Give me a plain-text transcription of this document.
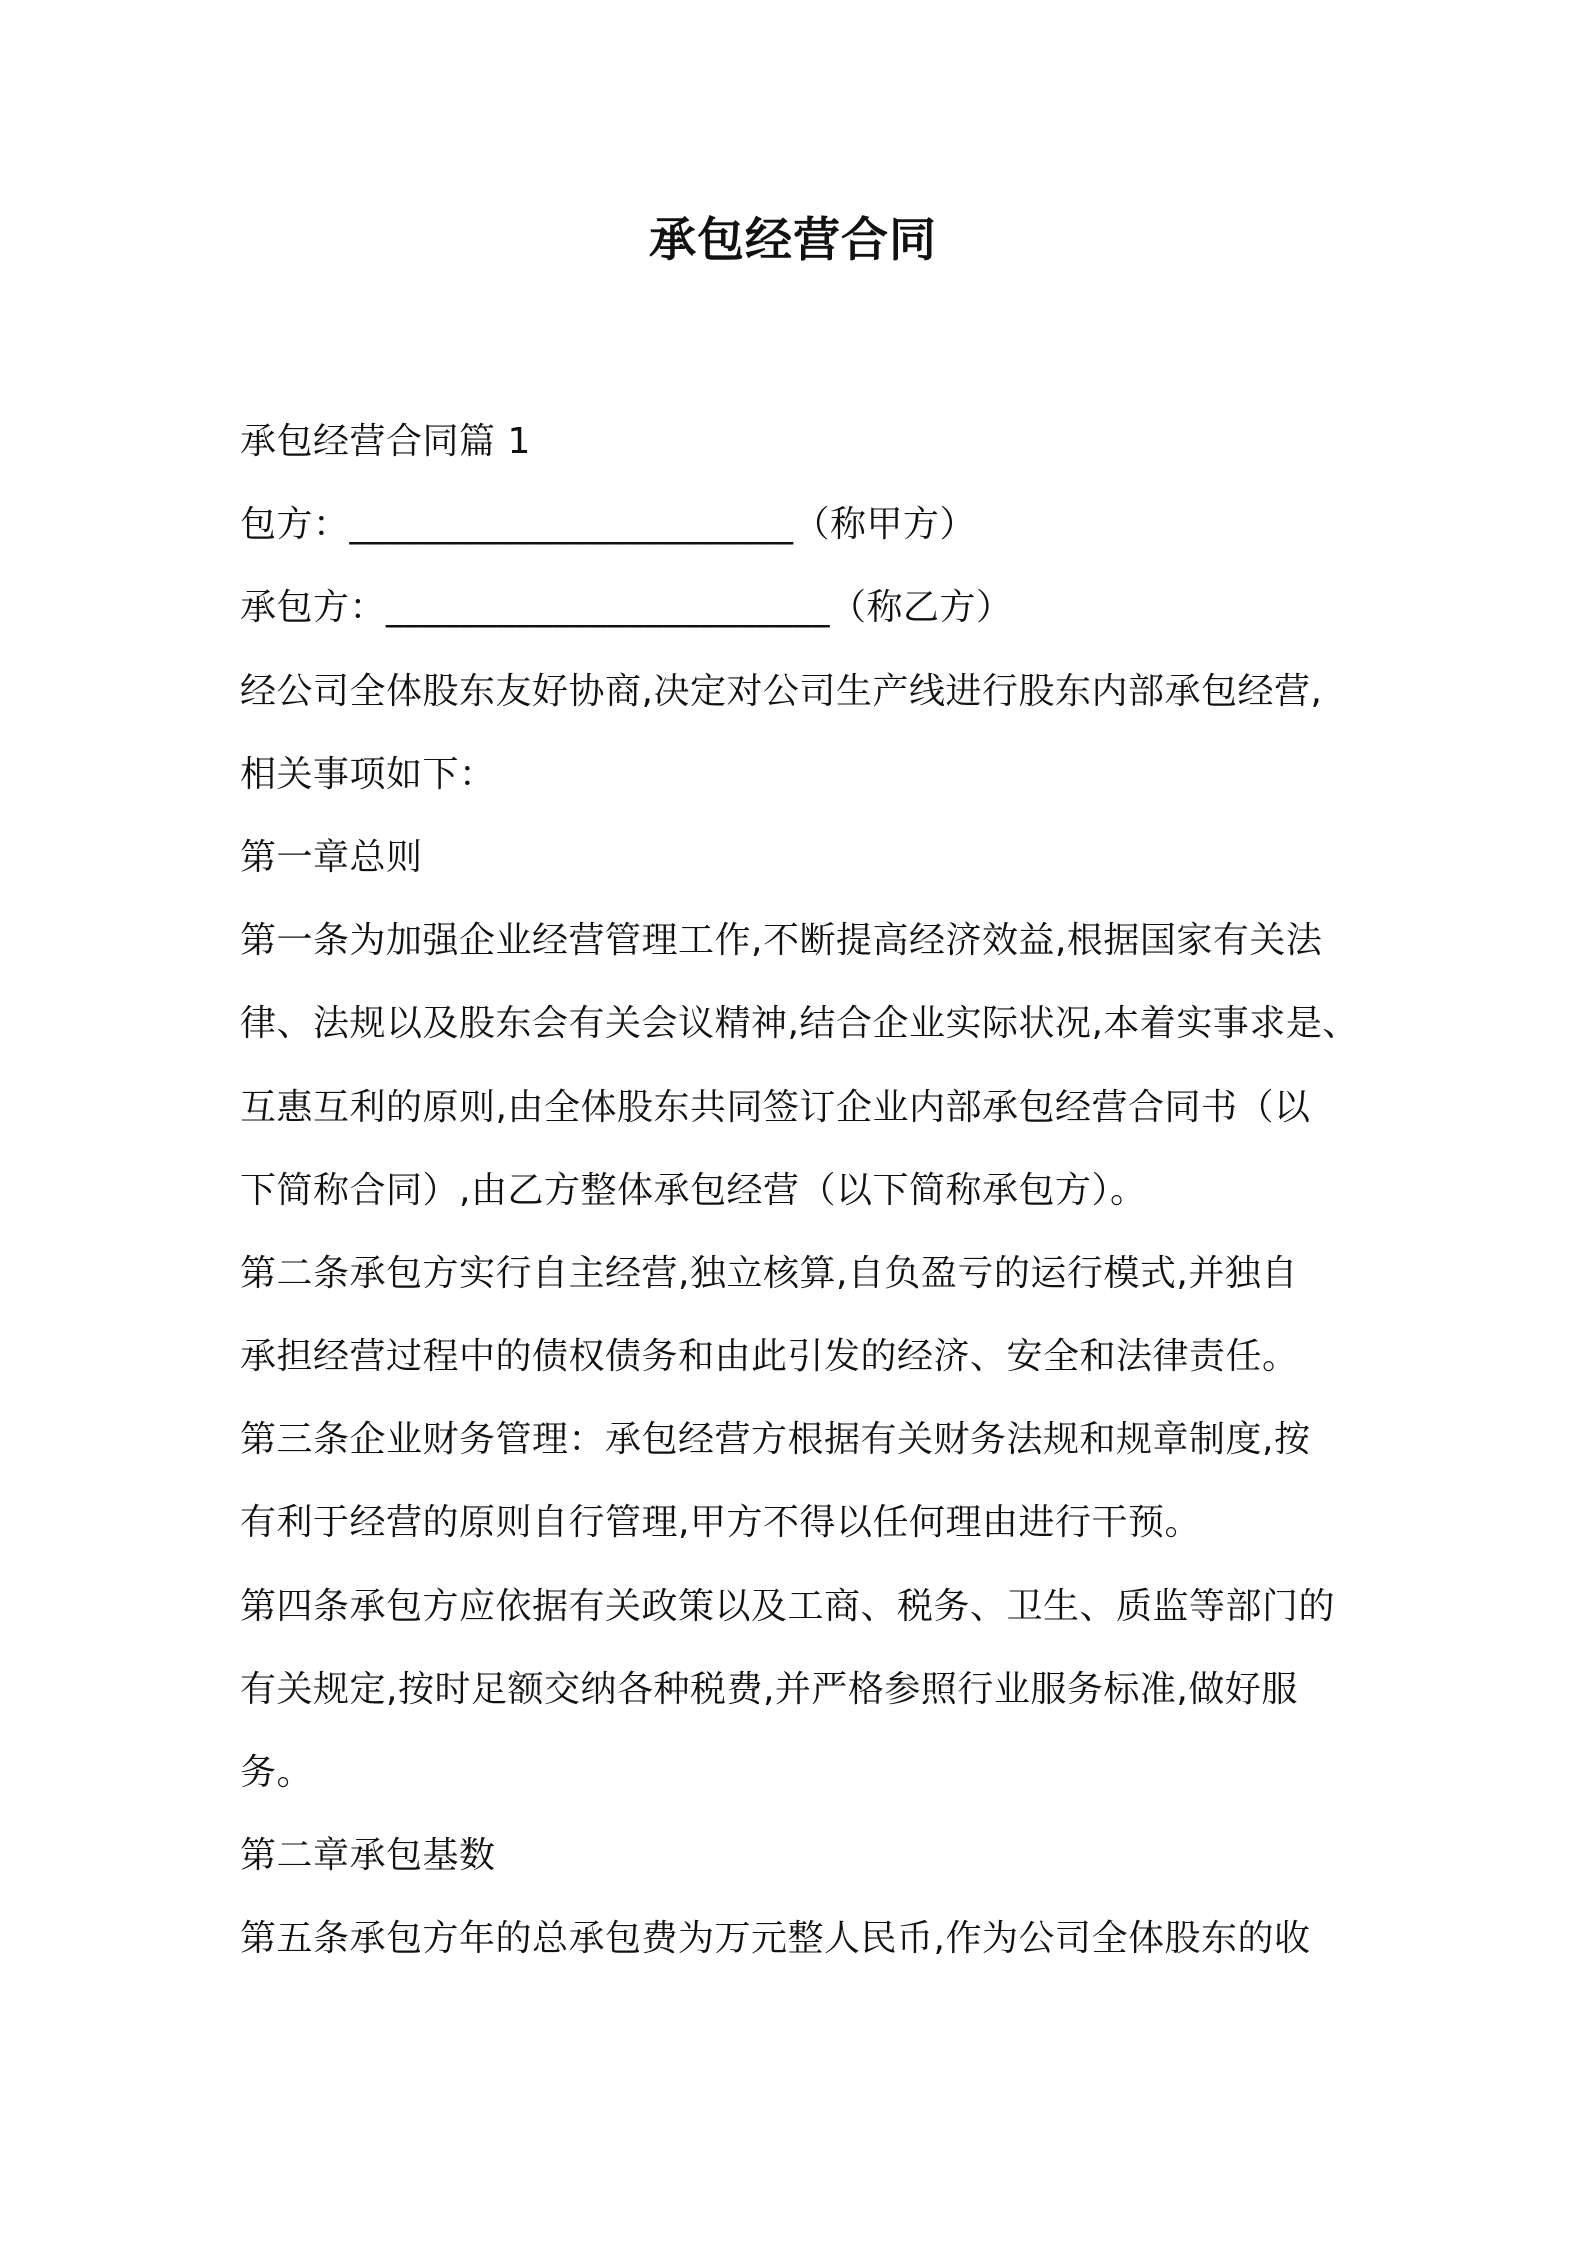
承包经营合同
承包经营合同篇 1
包方：________________________（称甲方）
承包方：________________________（称乙方）
经公司全体股东友好协商,决定对公司生产线进行股东内部承包经营,
相关事项如下：
第一章总则
第一条为加强企业经营管理工作,不断提高经济效益,根据国家有关法
律、法规以及股东会有关会议精神,结合企业实际状况,本着实事求是、
互惠互利的原则,由全体股东共同签订企业内部承包经营合同书（以
下简称合同）,由乙方整体承包经营（以下简称承包方）。
第二条承包方实行自主经营,独立核算,自负盈亏的运行模式,并独自
承担经营过程中的债权债务和由此引发的经济、安全和法律责任。
第三条企业财务管理：承包经营方根据有关财务法规和规章制度,按
有利于经营的原则自行管理,甲方不得以任何理由进行干预。
第四条承包方应依据有关政策以及工商、税务、卫生、质监等部门的
有关规定,按时足额交纳各种税费,并严格参照行业服务标准,做好服
务。
第二章承包基数
第五条承包方年的总承包费为万元整人民币,作为公司全体股东的收
